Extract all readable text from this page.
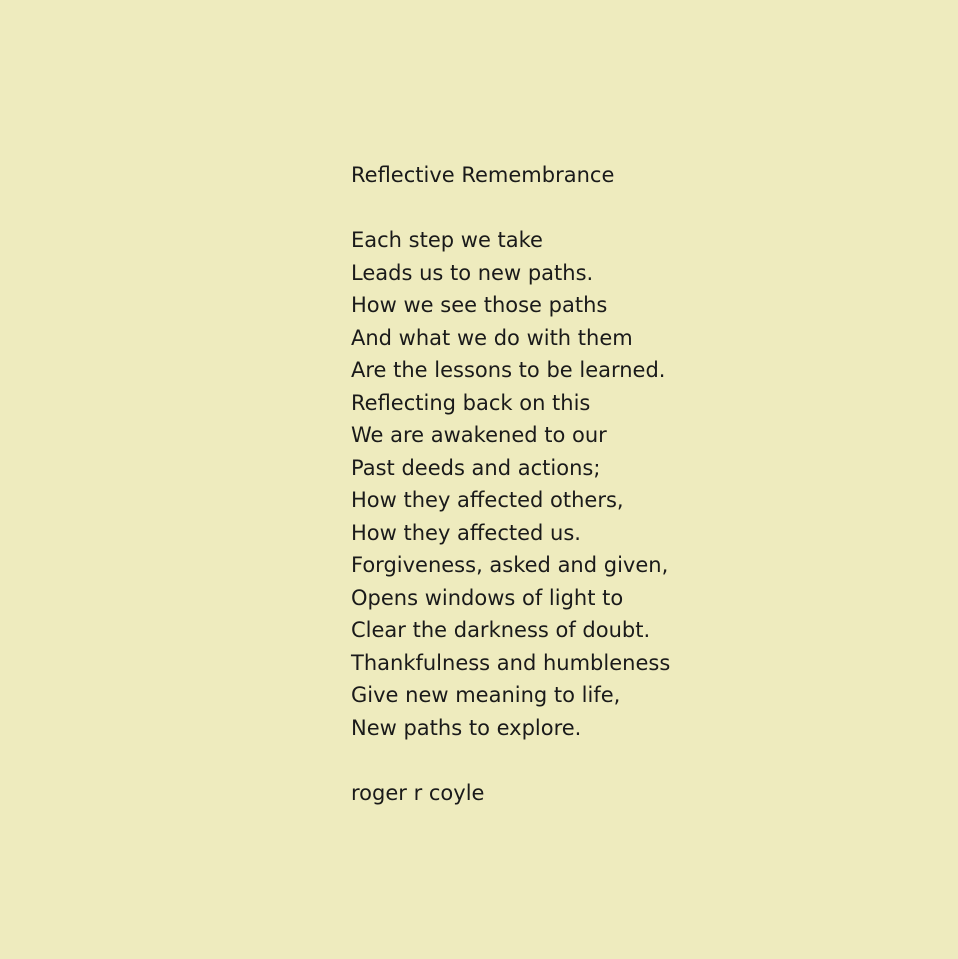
Reflective Remembrance
Each step we take
Leads us to new paths.
How we see those paths
And what we do with them
Are the lessons to be learned.
Reflecting back on this
We are awakened to our
Past deeds and actions;
How they affected others,
How they affected us.
Forgiveness, asked and given,
Opens windows of light to
Clear the darkness of doubt.
Thankfulness and humbleness
Give new meaning to life,
New paths to explore.
roger r coyle
